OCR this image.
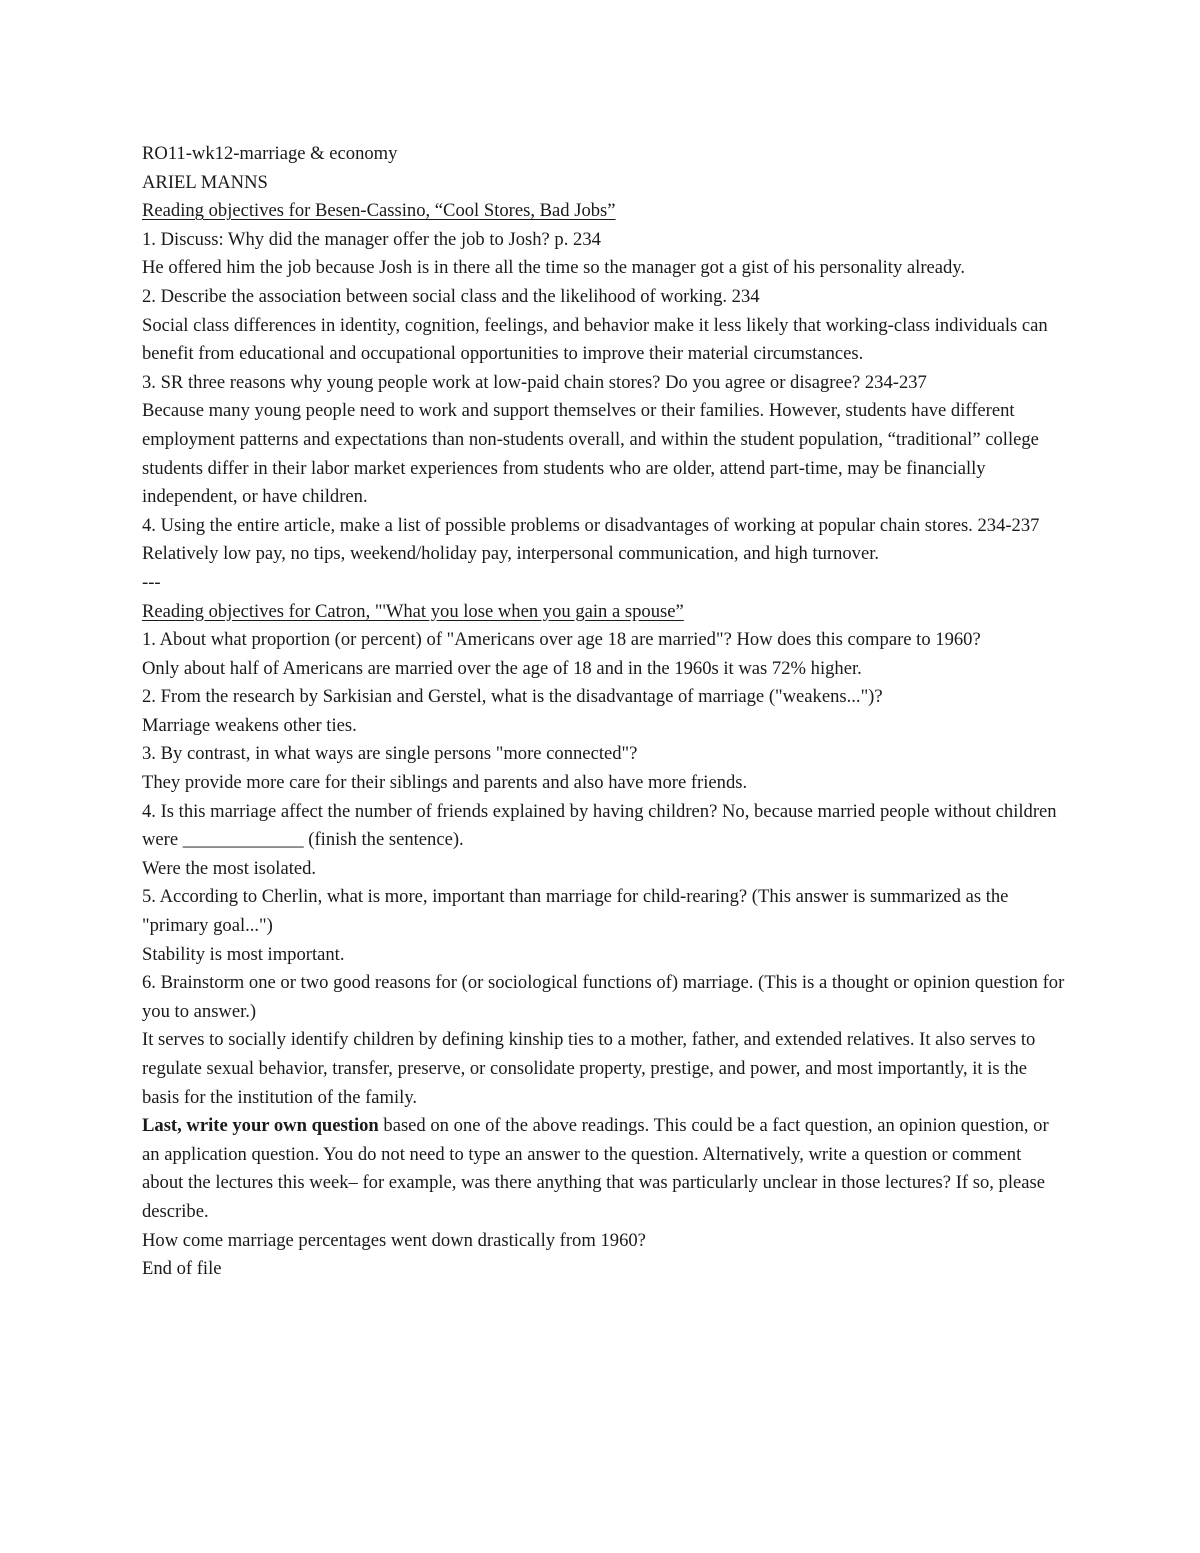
RO11-wk12-marriage & economy

ARIEL MANNS

Reading objectives for Besen-Cassino, “Cool Stores, Bad Jobs”

1. Discuss: Why did the manager offer the job to Josh? p. 234

He offered him the job because Josh is in there all the time so the manager got a gist of his personality already.

2. Describe the association between social class and the likelihood of working. 234

Social class differences in identity, cognition, feelings, and behavior make it less likely that working‑class individuals can benefit from educational and occupational opportunities to improve their material circumstances.

3. SR three reasons why young people work at low-paid chain stores? Do you agree or disagree? 234-237

Because many young people need to work and support themselves or their families. However, students have different employment patterns and expectations than non-students overall, and within the student population, “traditional” college students differ in their labor market experiences from students who are older, attend part-time, may be financially independent, or have children.

4. Using the entire article, make a list of possible problems or disadvantages of working at popular chain stores. 234-237

Relatively low pay, no tips, weekend/holiday pay, interpersonal communication, and high turnover.

---

Reading objectives for Catron, "'What you lose when you gain a spouse”

1. About what proportion (or percent) of "Americans over age 18 are married"? How does this compare to 1960?

Only about half of Americans are married over the age of 18 and in the 1960s it was 72% higher.

2. From the research by Sarkisian and Gerstel, what is the disadvantage of marriage ("weakens...")?

Marriage weakens other ties.

3. By contrast, in what ways are single persons "more connected"?

They provide more care for their siblings and parents and also have more friends.

4. Is this marriage affect the number of friends explained by having children? No, because married people without children were _____________ (finish the sentence).

Were the most isolated.

5. According to Cherlin, what is more, important than marriage for child-rearing? (This answer is summarized as the "primary goal...")

Stability is most important.

6. Brainstorm one or two good reasons for (or sociological functions of) marriage. (This is a thought or opinion question for you to answer.)

It serves to socially identify children by defining kinship ties to a mother, father, and extended relatives. It also serves to regulate sexual behavior, transfer, preserve, or consolidate property, prestige, and power, and most importantly, it is the basis for the institution of the family.

Last, write your own question based on one of the above readings. This could be a fact question, an opinion question, or an application question. You do not need to type an answer to the question. Alternatively, write a question or comment about the lectures this week– for example, was there anything that was particularly unclear in those lectures? If so, please describe.

How come marriage percentages went down drastically from 1960?

End of file
